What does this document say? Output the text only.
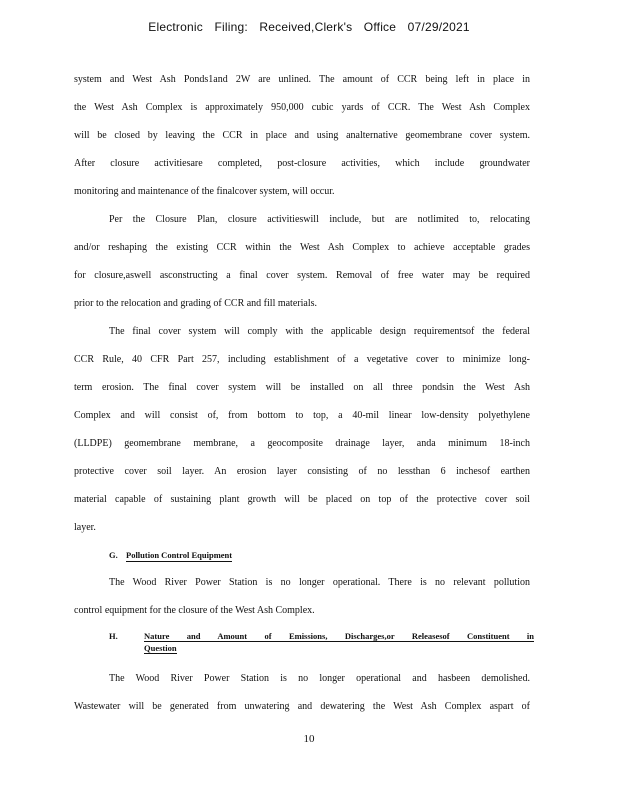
Electronic Filing: Received,Clerk's Office 07/29/2021
system and West Ash Ponds1and 2W are unlined. The amount of CCR being left in place in
the West Ash Complex is approximately 950,000 cubic yards of CCR. The West Ash Complex
will be closed by leaving the CCR in place and using analternative geomembrane cover system.
After closure activitiesare completed, post-closure activities, which include groundwater
monitoring and maintenance of the finalcover system, will occur.
Per the Closure Plan, closure activitieswill include, but are notlimited to, relocating
and/or reshaping the existing CCR within the West Ash Complex to achieve acceptable grades
for closure,aswell asconstructing a final cover system. Removal of free water may be required
prior to the relocation and grading of CCR and fill materials.
The final cover system will comply with the applicable design requirementsof the federal
CCR Rule, 40 CFR Part 257, including establishment of a vegetative cover to minimize long-
term erosion. The final cover system will be installed on all three pondsin the West Ash
Complex and will consist of, from bottom to top, a 40-mil linear low-density polyethylene
(LLDPE) geomembrane membrane, a geocomposite drainage layer, anda minimum 18-inch
protective cover soil layer. An erosion layer consisting of no lessthan 6 inchesof earthen
material capable of sustaining plant growth will be placed on top of the protective cover soil
layer.
G. Pollution Control Equipment
The Wood River Power Station is no longer operational. There is no relevant pollution
control equipment for the closure of the West Ash Complex.
H.	Nature and Amount of Emissions, Discharges,or Releasesof Constituent in
Question
The Wood River Power Station is no longer operational and hasbeen demolished.
Wastewater will be generated from unwatering and dewatering the West Ash Complex aspart of
10
